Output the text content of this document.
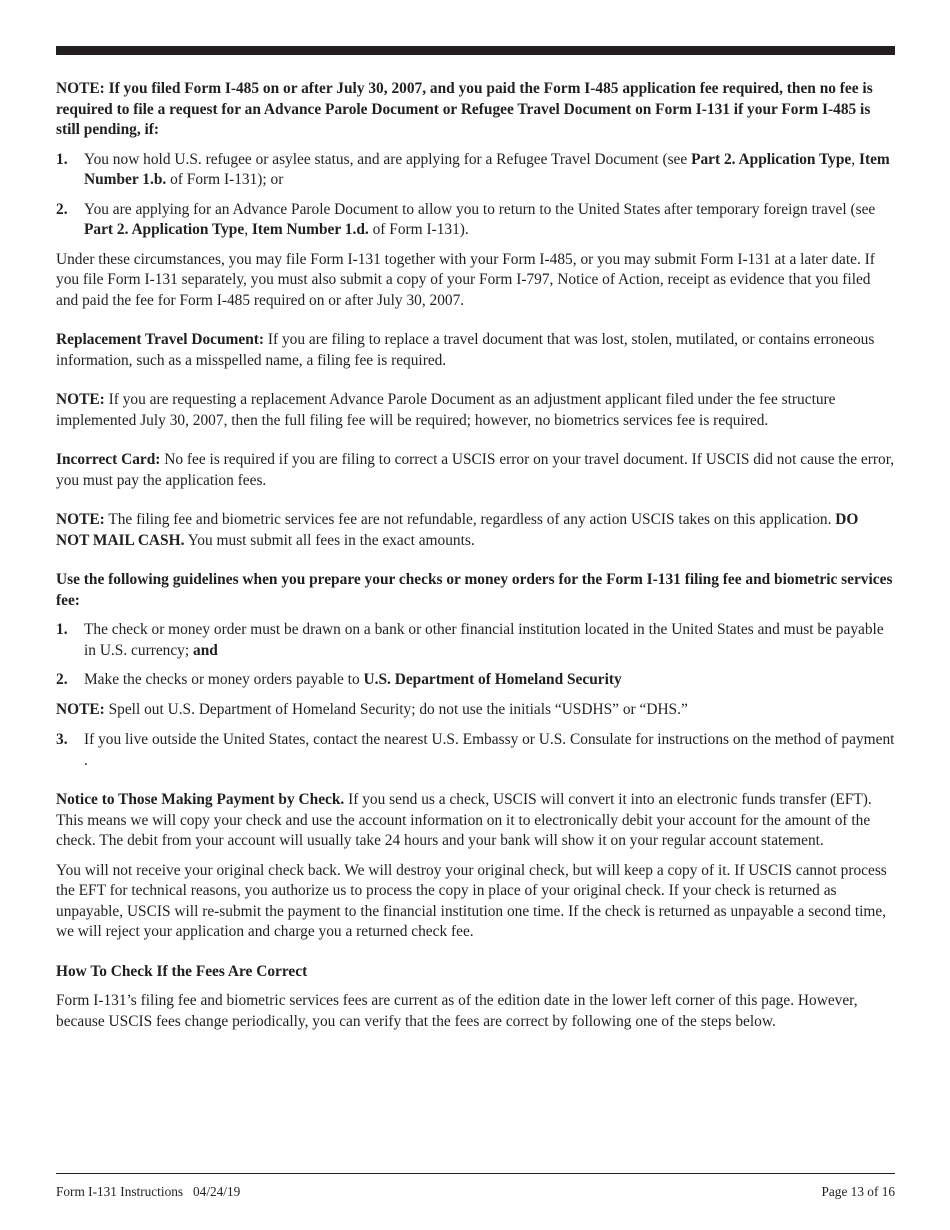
NOTE: If you filed Form I-485 on or after July 30, 2007, and you paid the Form I-485 application fee required, then no fee is required to file a request for an Advance Parole Document or Refugee Travel Document on Form I-131 if your Form I-485 is still pending, if:

1. You now hold U.S. refugee or asylee status, and are applying for a Refugee Travel Document (see Part 2. Application Type, Item Number 1.b. of Form I-131); or
2. You are applying for an Advance Parole Document to allow you to return to the United States after temporary foreign travel (see Part 2. Application Type, Item Number 1.d. of Form I-131).

Under these circumstances, you may file Form I-131 together with your Form I-485, or you may submit Form I-131 at a later date. If you file Form I-131 separately, you must also submit a copy of your Form I-797, Notice of Action, receipt as evidence that you filed and paid the fee for Form I-485 required on or after July 30, 2007.

Replacement Travel Document: If you are filing to replace a travel document that was lost, stolen, mutilated, or contains erroneous information, such as a misspelled name, a filing fee is required.

NOTE: If you are requesting a replacement Advance Parole Document as an adjustment applicant filed under the fee structure implemented July 30, 2007, then the full filing fee will be required; however, no biometrics services fee is required.

Incorrect Card: No fee is required if you are filing to correct a USCIS error on your travel document. If USCIS did not cause the error, you must pay the application fees.

NOTE: The filing fee and biometric services fee are not refundable, regardless of any action USCIS takes on this application. DO NOT MAIL CASH. You must submit all fees in the exact amounts.

Use the following guidelines when you prepare your checks or money orders for the Form I-131 filing fee and biometric services fee:

1. The check or money order must be drawn on a bank or other financial institution located in the United States and must be payable in U.S. currency; and
2. Make the checks or money orders payable to U.S. Department of Homeland Security

NOTE: Spell out U.S. Department of Homeland Security; do not use the initials “USDHS” or “DHS.”

3. If you live outside the United States, contact the nearest U.S. Embassy or U.S. Consulate for instructions on the method of payment .

Notice to Those Making Payment by Check. If you send us a check, USCIS will convert it into an electronic funds transfer (EFT). This means we will copy your check and use the account information on it to electronically debit your account for the amount of the check. The debit from your account will usually take 24 hours and your bank will show it on your regular account statement.

You will not receive your original check back. We will destroy your original check, but will keep a copy of it. If USCIS cannot process the EFT for technical reasons, you authorize us to process the copy in place of your original check. If your check is returned as unpayable, USCIS will re-submit the payment to the financial institution one time. If the check is returned as unpayable a second time, we will reject your application and charge you a returned check fee.

How To Check If the Fees Are Correct

Form I-131’s filing fee and biometric services fees are current as of the edition date in the lower left corner of this page. However, because USCIS fees change periodically, you can verify that the fees are correct by following one of the steps below.

Form I-131 Instructions   04/24/19	Page 13 of 16
